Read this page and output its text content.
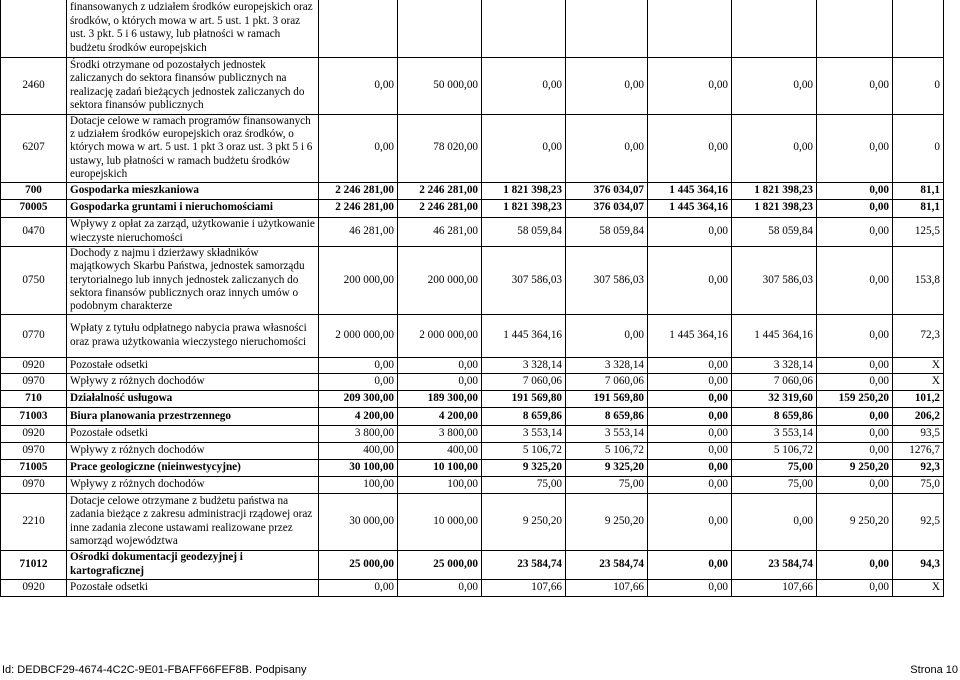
	finansowanych z udziałem środków europejskich oraz środków, o których mowa w art. 5 ust. 1 pkt. 3 oraz ust. 3 pkt. 5 i 6 ustawy, lub płatności w ramach budżetu środków europejskich								
2460	Środki otrzymane od pozostałych jednostek zaliczanych do sektora finansów publicznych na realizację zadań bieżących jednostek zaliczanych do sektora finansów publicznych	0,00	50 000,00	0,00	0,00	0,00	0,00	0,00	0
6207	Dotacje celowe w ramach programów finansowanych z udziałem środków europejskich oraz środków, o których mowa w art. 5 ust. 1 pkt 3 oraz ust. 3 pkt 5 i 6 ustawy, lub płatności w ramach budżetu środków europejskich	0,00	78 020,00	0,00	0,00	0,00	0,00	0,00	0
700	Gospodarka mieszkaniowa	2 246 281,00	2 246 281,00	1 821 398,23	376 034,07	1 445 364,16	1 821 398,23	0,00	81,1
70005	Gospodarka gruntami i nieruchomościami	2 246 281,00	2 246 281,00	1 821 398,23	376 034,07	1 445 364,16	1 821 398,23	0,00	81,1
0470	Wpływy z opłat za zarząd, użytkowanie i użytkowanie wieczyste nieruchomości	46 281,00	46 281,00	58 059,84	58 059,84	0,00	58 059,84	0,00	125,5
0750	Dochody z najmu i dzierżawy składników majątkowych Skarbu Państwa, jednostek samorządu terytorialnego lub innych jednostek zaliczanych do sektora finansów publicznych oraz innych umów o podobnym charakterze	200 000,00	200 000,00	307 586,03	307 586,03	0,00	307 586,03	0,00	153,8
0770	Wpłaty z tytułu odpłatnego nabycia prawa własności oraz prawa użytkowania wieczystego nieruchomości	2 000 000,00	2 000 000,00	1 445 364,16	0,00	1 445 364,16	1 445 364,16	0,00	72,3
0920	Pozostałe odsetki	0,00	0,00	3 328,14	3 328,14	0,00	3 328,14	0,00	X
0970	Wpływy z różnych dochodów	0,00	0,00	7 060,06	7 060,06	0,00	7 060,06	0,00	X
710	Działalność usługowa	209 300,00	189 300,00	191 569,80	191 569,80	0,00	32 319,60	159 250,20	101,2
71003	Biura planowania przestrzennego	4 200,00	4 200,00	8 659,86	8 659,86	0,00	8 659,86	0,00	206,2
0920	Pozostałe odsetki	3 800,00	3 800,00	3 553,14	3 553,14	0,00	3 553,14	0,00	93,5
0970	Wpływy z różnych dochodów	400,00	400,00	5 106,72	5 106,72	0,00	5 106,72	0,00	1276,7
71005	Prace geologiczne (nieinwestycyjne)	30 100,00	10 100,00	9 325,20	9 325,20	0,00	75,00	9 250,20	92,3
0970	Wpływy z różnych dochodów	100,00	100,00	75,00	75,00	0,00	75,00	0,00	75,0
2210	Dotacje celowe otrzymane z budżetu państwa na zadania bieżące z zakresu administracji rządowej oraz inne zadania zlecone ustawami realizowane przez samorząd województwa	30 000,00	10 000,00	9 250,20	9 250,20	0,00	0,00	9 250,20	92,5
71012	Ośrodki dokumentacji geodezyjnej i kartograficznej	25 000,00	25 000,00	23 584,74	23 584,74	0,00	23 584,74	0,00	94,3
0920	Pozostałe odsetki	0,00	0,00	107,66	107,66	0,00	107,66	0,00	X
Id: DEDBCF29-4674-4C2C-9E01-FBAFF66FEF8B. Podpisany	Strona 10
